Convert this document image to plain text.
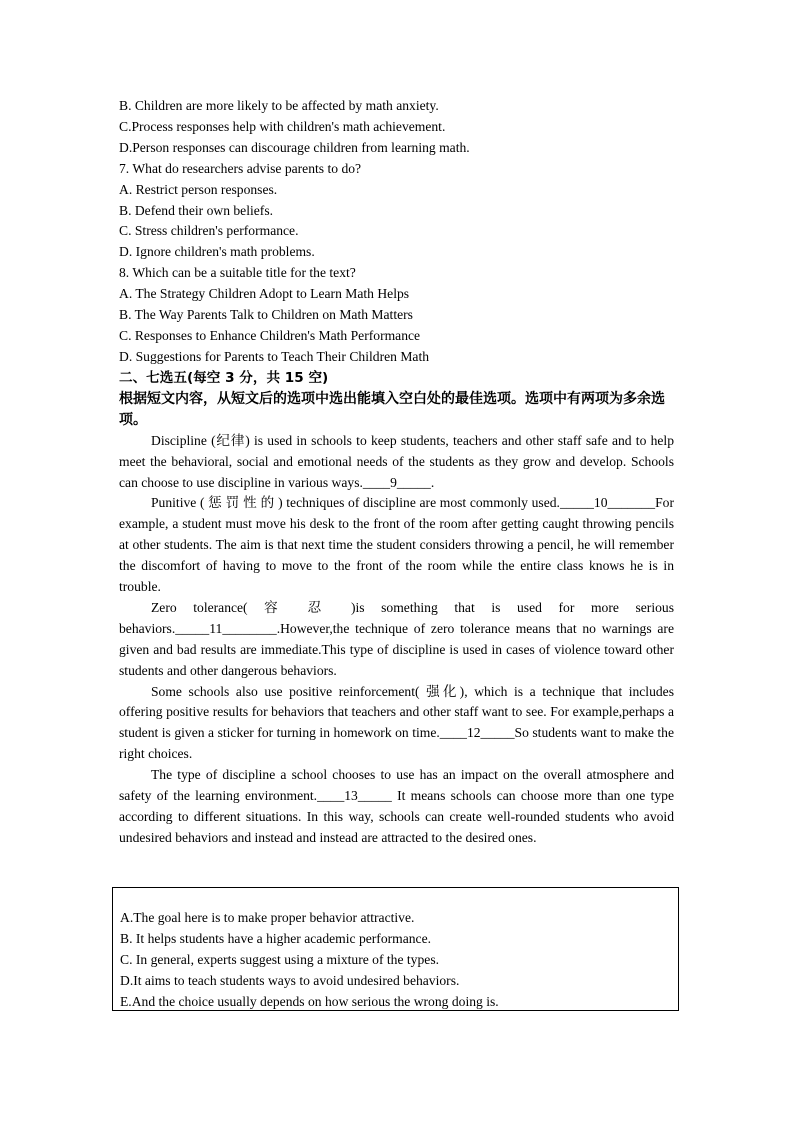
B. Children are more likely to be affected by math anxiety.
C.Process responses help with children's math achievement.
D.Person responses can discourage children from learning math.
7. What do researchers advise parents to do?
A. Restrict person responses.
B. Defend their own beliefs.
C. Stress children's performance.
D. Ignore children's math problems.
8. Which can be a suitable title for the text?
A. The Strategy Children Adopt to Learn Math Helps
B. The Way Parents Talk to Children on Math Matters
C. Responses to Enhance Children's Math Performance
D. Suggestions for Parents to Teach Their Children Math
二、七选五(每空 3 分，共 15 空)
根据短文内容，从短文后的选项中选出能填入空白处的最佳选项。选项中有两项为多余选项。

Discipline (纪律) is used in schools to keep students, teachers and other staff safe and to help meet the behavioral, social and emotional needs of the students as they grow and develop. Schools can choose to use discipline in various ways.____9_____.

Punitive ( 惩 罚 性 的 ) techniques of discipline are most commonly used._____10_______For example, a student must move his desk to the front of the room after getting caught throwing pencils at other students. The aim is that next time the student considers throwing a pencil, he will remember the discomfort of having to move to the front of the room while the entire class knows he is in trouble.

Zero tolerance( 容 忍 )is something that is used for more serious behaviors._____11________.However,the technique of zero tolerance means that no warnings are given and bad results are immediate.This type of discipline is used in cases of violence toward other students and other dangerous behaviors.

Some schools also use positive reinforcement( 强化), which is a technique that includes offering positive results for behaviors that teachers and other staff want to see. For example,perhaps a student is given a sticker for turning in homework on time.____12_____So students want to make the right choices.

The type of discipline a school chooses to use has an impact on the overall atmosphere and safety of the learning environment.____13_____ It means schools can choose more than one type according to different situations. In this way, schools can create well-rounded students who avoid undesired behaviors and instead and instead are attracted to the desired ones.

A.The goal here is to make proper behavior attractive.
B. It helps students have a higher academic performance.
C. In general, experts suggest using a mixture of the types.
D.It aims to teach students ways to avoid undesired behaviors.
E.And the choice usually depends on how serious the wrong doing is.
